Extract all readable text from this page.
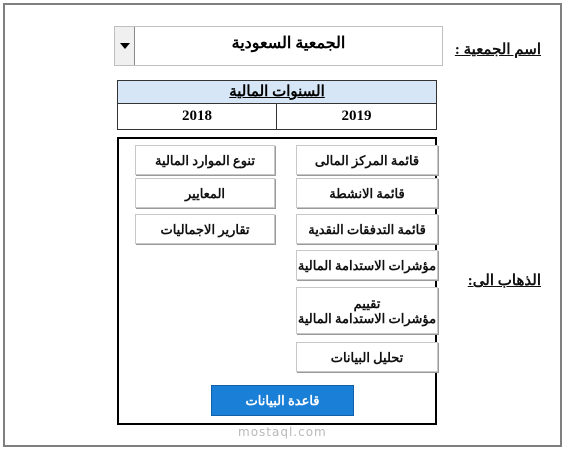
اسم الجمعية :
الجمعية السعودية
السنوات المالية
2018	2019
الذهاب الى:
قائمة المركز المالى
قائمة الانشطة
قائمة التدفقات النقدية
مؤشرات الاستدامة المالية
تقييم
مؤشرات الاستدامة المالية
تحليل البيانات
تنوع الموارد المالية
المعايير
تقارير الاجماليات
قاعدة البيانات
mostaql.com
